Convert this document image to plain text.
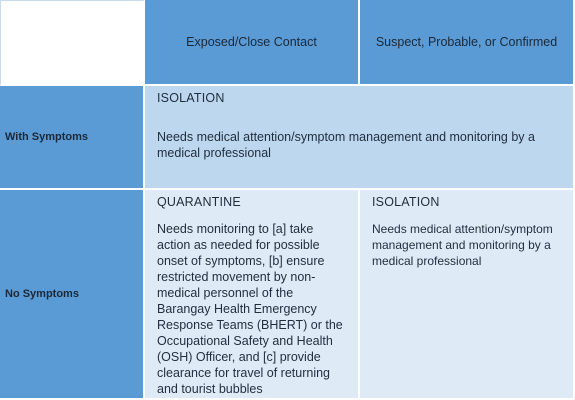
Exposed/Close Contact	Suspect, Probable, or Confirmed
With Symptoms
ISOLATION
Needs medical attention/symptom management and monitoring by a medical professional
No Symptoms
QUARANTINE
Needs monitoring to [a] take action as needed for possible onset of symptoms, [b] ensure restricted movement by non-medical personnel of the Barangay Health Emergency Response Teams (BHERT) or the Occupational Safety and Health (OSH) Officer, and [c] provide clearance for travel of returning and tourist bubbles
ISOLATION
Needs medical attention/symptom management and monitoring by a medical professional
